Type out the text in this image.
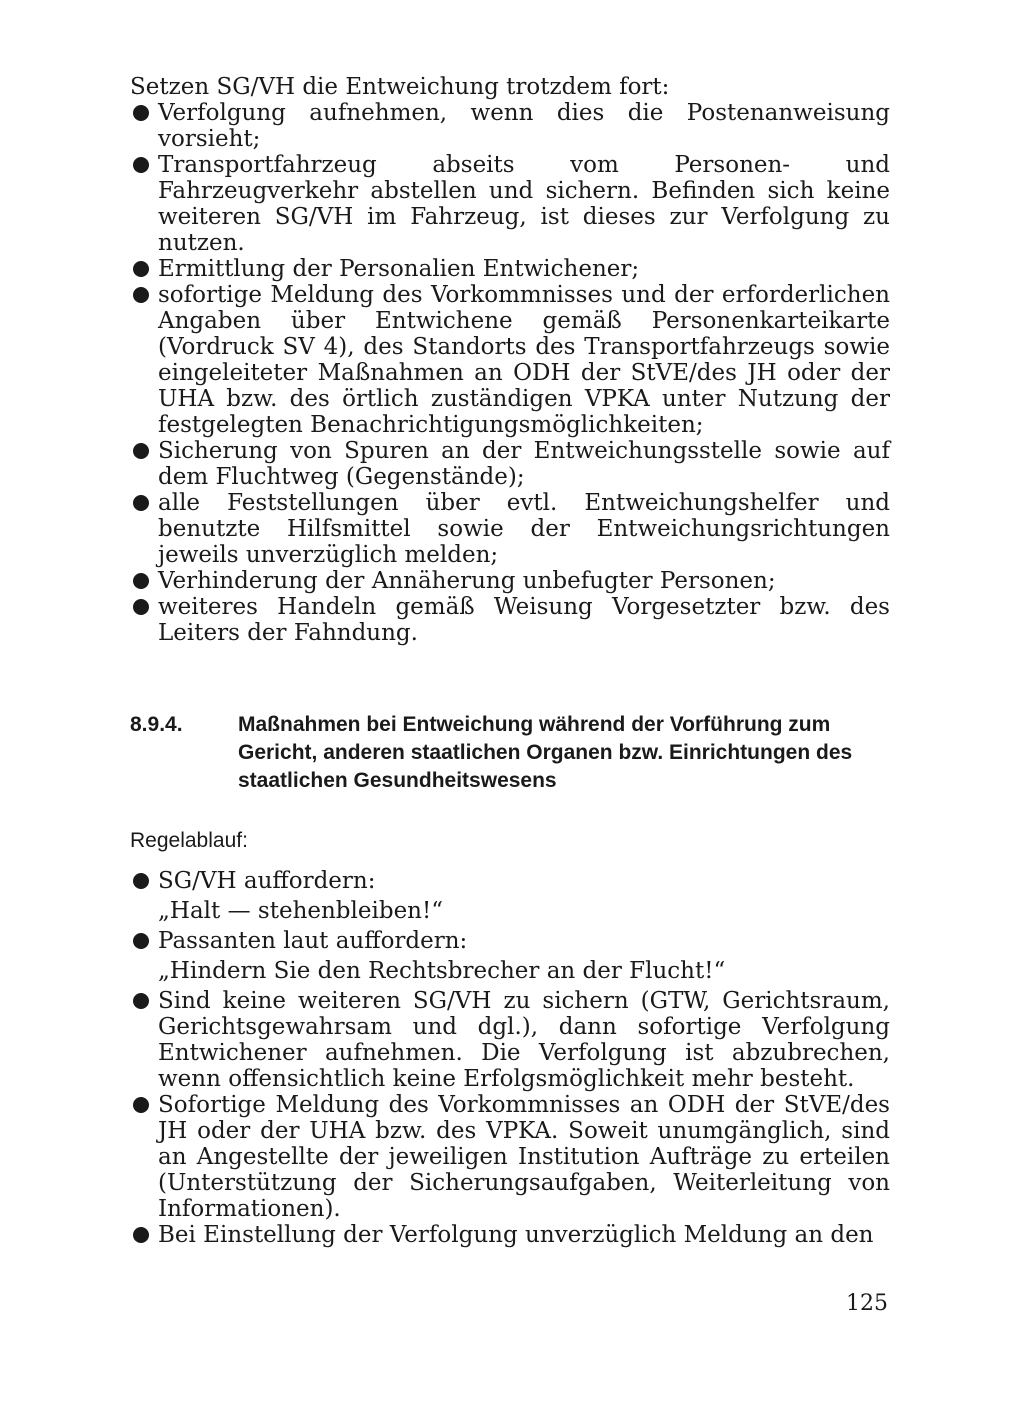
Setzen SG/VH die Entweichung trotzdem fort:

Verfolgung aufnehmen, wenn dies die Postenanweisung vorsieht;
Transportfahrzeug abseits vom Personen- und Fahrzeugverkehr abstellen und sichern. Befinden sich keine weiteren SG/VH im Fahrzeug, ist dieses zur Verfolgung zu nutzen.
Ermittlung der Personalien Entwichener;
sofortige Meldung des Vorkommnisses und der erforderlichen Angaben über Entwichene gemäß Personenkarteikarte (Vordruck SV 4), des Standorts des Transportfahrzeugs sowie eingeleiteter Maßnahmen an ODH der StVE/des JH oder der UHA bzw. des örtlich zuständigen VPKA unter Nutzung der festgelegten Benachrichtigungsmöglichkeiten;
Sicherung von Spuren an der Entweichungsstelle sowie auf dem Fluchtweg (Gegenstände);
alle Feststellungen über evtl. Entweichungshelfer und benutzte Hilfsmittel sowie der Entweichungsrichtungen jeweils unverzüglich melden;
Verhinderung der Annäherung unbefugter Personen;
weiteres Handeln gemäß Weisung Vorgesetzter bzw. des Leiters der Fahndung.
8.9.4.	Maßnahmen bei Entweichung während der Vorführung zum Gericht, anderen staatlichen Organen bzw. Einrichtungen des staatlichen Gesundheitswesens

Regelablauf:

SG/VH auffordern:
„Halt — stehenbleiben!“
Passanten laut auffordern:
„Hindern Sie den Rechtsbrecher an der Flucht!“
Sind keine weiteren SG/VH zu sichern (GTW, Gerichtsraum, Gerichtsgewahrsam und dgl.), dann sofortige Verfolgung Entwichener aufnehmen. Die Verfolgung ist abzubrechen, wenn offensichtlich keine Erfolgsmöglichkeit mehr besteht.
Sofortige Meldung des Vorkommnisses an ODH der StVE/des JH oder der UHA bzw. des VPKA. Soweit unumgänglich, sind an Angestellte der jeweiligen Institution Aufträge zu erteilen (Unterstützung der Sicherungsaufgaben, Weiterleitung von Informationen).
Bei Einstellung der Verfolgung unverzüglich Meldung an den
125
